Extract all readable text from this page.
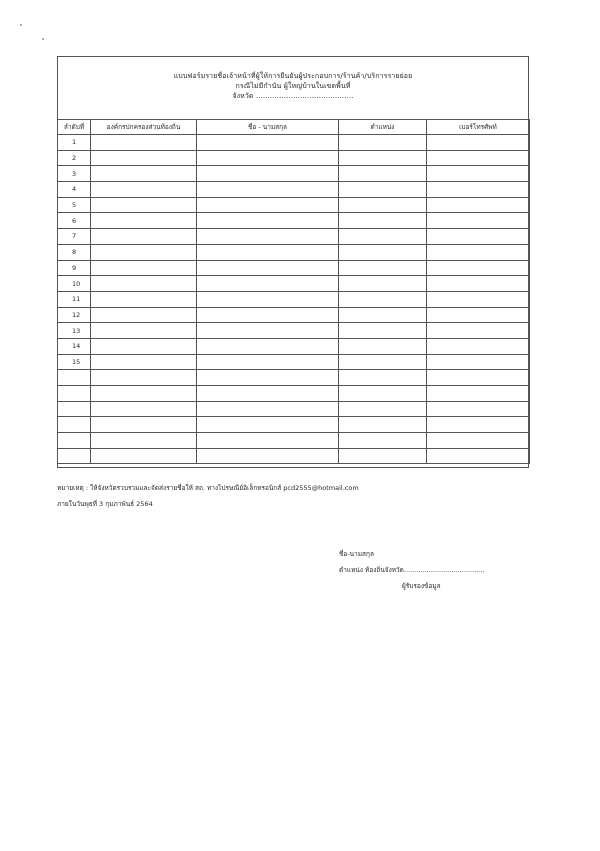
แบบฟอร์มรายชื่อเจ้าหน้าที่ผู้ให้การยืนยันผู้ประกอบการ/ร้านค้า/บริการรายย่อย
กรณีไม่มีกำนัน ผู้ใหญ่บ้านในเขตพื้นที่
จังหวัด ..........................................
ลำดับที่	องค์กรปกครองส่วนท้องถิ่น	ชื่อ - นามสกุล	ตำแหน่ง	เบอร์โทรศัพท์
1				
2				
3				
4				
5				
6				
7				
8				
9				
10				
11				
12				
13				
14				
15				

หมายเหตุ : ให้จังหวัดรวบรวมและจัดส่งรายชื่อให้ สถ. ทางไปรษณีย์อิเล็กทรอนิกส์ pcd2555@hotmail.com
ภายในวันพุธที่ 3 กุมภาพันธ์ 2564
ชื่อ-นามสกุล
ตำแหน่ง ท้องถิ่นจังหวัด.......................................
ผู้รับรองข้อมูล
